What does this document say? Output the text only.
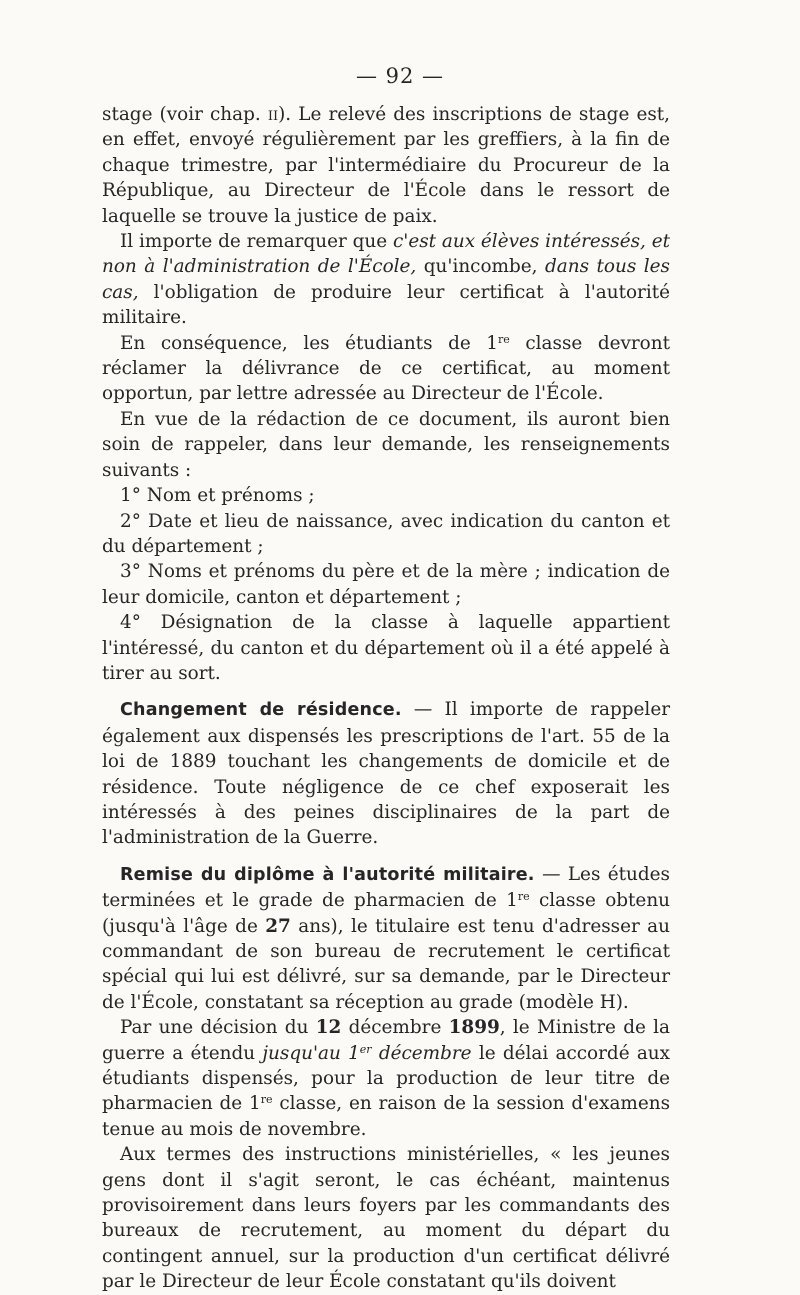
— 92 —

stage (voir chap. ii). Le relevé des inscriptions de stage est, en effet, envoyé régulièrement par les greffiers, à la fin de chaque trimestre, par l'intermédiaire du Procureur de la République, au Directeur de l'École dans le ressort de laquelle se trouve la justice de paix.

Il importe de remarquer que c'est aux élèves intéressés, et non à l'administration de l'École, qu'incombe, dans tous les cas, l'obligation de produire leur certificat à l'autorité militaire.

En conséquence, les étudiants de 1re classe devront réclamer la délivrance de ce certificat, au moment opportun, par lettre adressée au Directeur de l'École.

En vue de la rédaction de ce document, ils auront bien soin de rappeler, dans leur demande, les renseignements suivants :

1° Nom et prénoms ;

2° Date et lieu de naissance, avec indication du canton et du département ;

3° Noms et prénoms du père et de la mère ; indication de leur domicile, canton et département ;

4° Désignation de la classe à laquelle appartient l'intéressé, du canton et du département où il a été appelé à tirer au sort.

Changement de résidence. — Il importe de rappeler également aux dispensés les prescriptions de l'art. 55 de la loi de 1889 touchant les changements de domicile et de résidence. Toute négligence de ce chef exposerait les intéressés à des peines disciplinaires de la part de l'administration de la Guerre.

Remise du diplôme à l'autorité militaire. — Les études terminées et le grade de pharmacien de 1re classe obtenu (jusqu'à l'âge de 27 ans), le titulaire est tenu d'adresser au commandant de son bureau de recrutement le certificat spécial qui lui est délivré, sur sa demande, par le Directeur de l'École, constatant sa réception au grade (modèle H).

Par une décision du 12 décembre 1899, le Ministre de la guerre a étendu jusqu'au 1er décembre le délai accordé aux étudiants dispensés, pour la production de leur titre de pharmacien de 1re classe, en raison de la session d'examens tenue au mois de novembre.

Aux termes des instructions ministérielles, « les jeunes gens dont il s'agit seront, le cas échéant, maintenus provisoirement dans leurs foyers par les commandants des bureaux de recrutement, au moment du départ du contingent annuel, sur la production d'un certificat délivré par le Directeur de leur École constatant qu'ils doivent
